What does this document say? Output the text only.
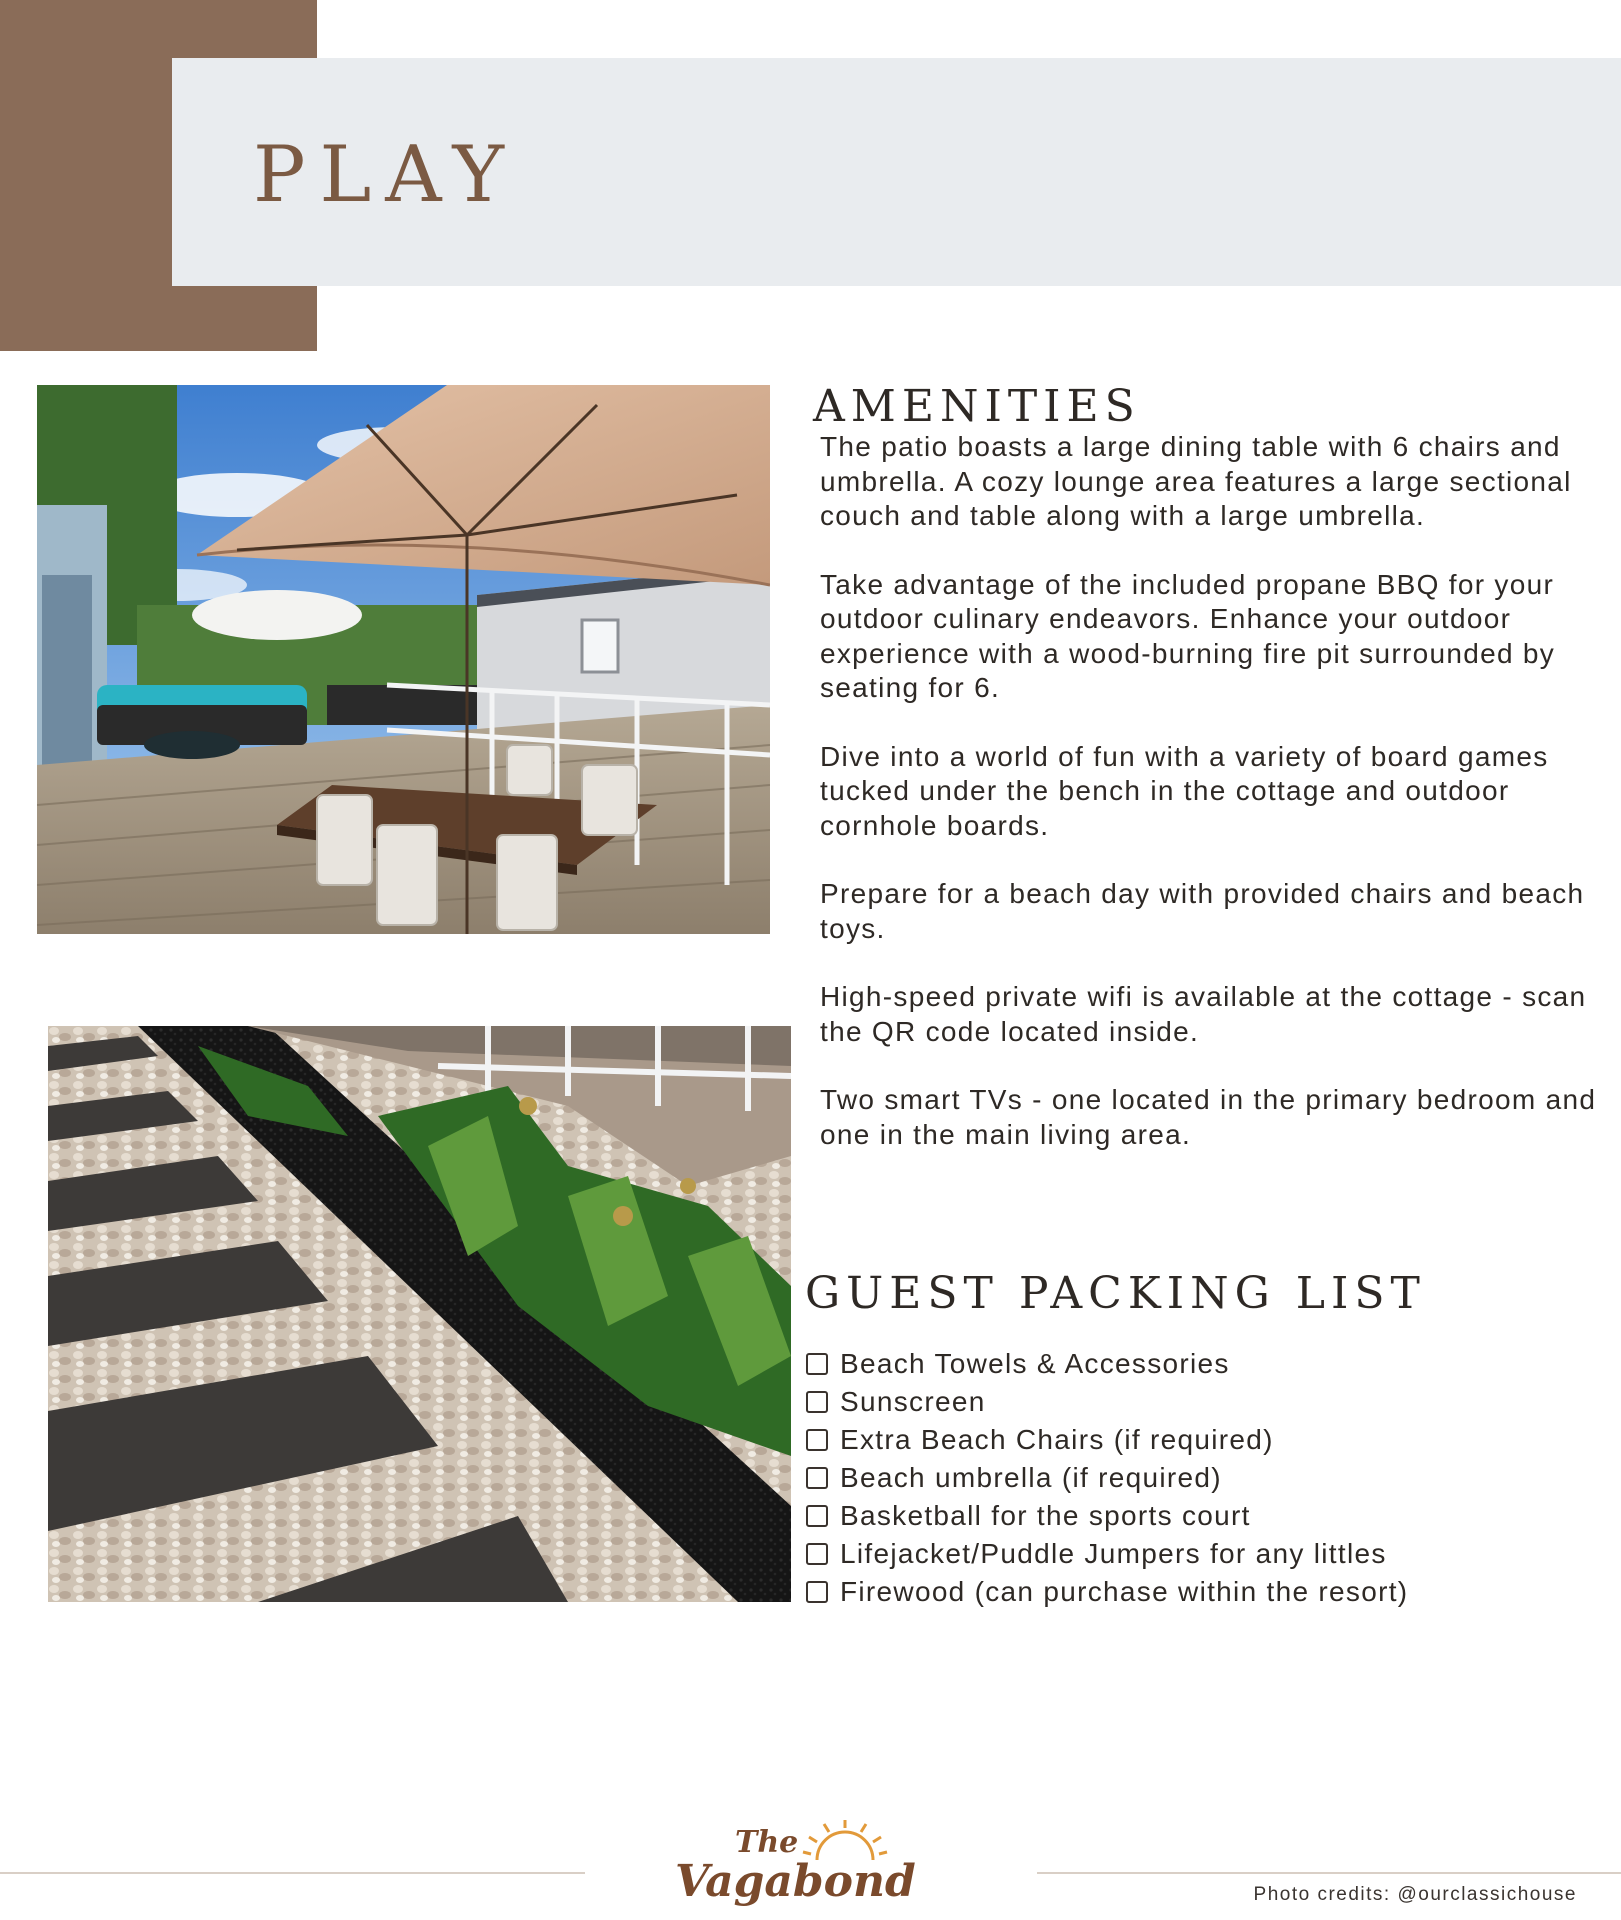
PLAY
AMENITIES

The patio boasts a large dining table with 6 chairs and umbrella. A cozy lounge area features a large sectional couch and table along with a large umbrella.

Take advantage of the included propane BBQ for your outdoor culinary endeavors. Enhance your outdoor experience with a wood-burning fire pit surrounded by seating for 6.

Dive into a world of fun with a variety of board games tucked under the bench in the cottage and outdoor cornhole boards.

Prepare for a beach day with provided chairs and beach toys.

High-speed private wifi is available at the cottage - scan the QR code located inside.

Two smart TVs - one located in the primary bedroom and one in the main living area.

GUEST PACKING LIST
Beach Towels & Accessories
Sunscreen
Extra Beach Chairs (if required)
Beach umbrella (if required)
Basketball for the sports court
Lifejacket/Puddle Jumpers for any littles
Firewood (can purchase within the resort)
The
Vagabond	Photo credits: @ourclassichouse
